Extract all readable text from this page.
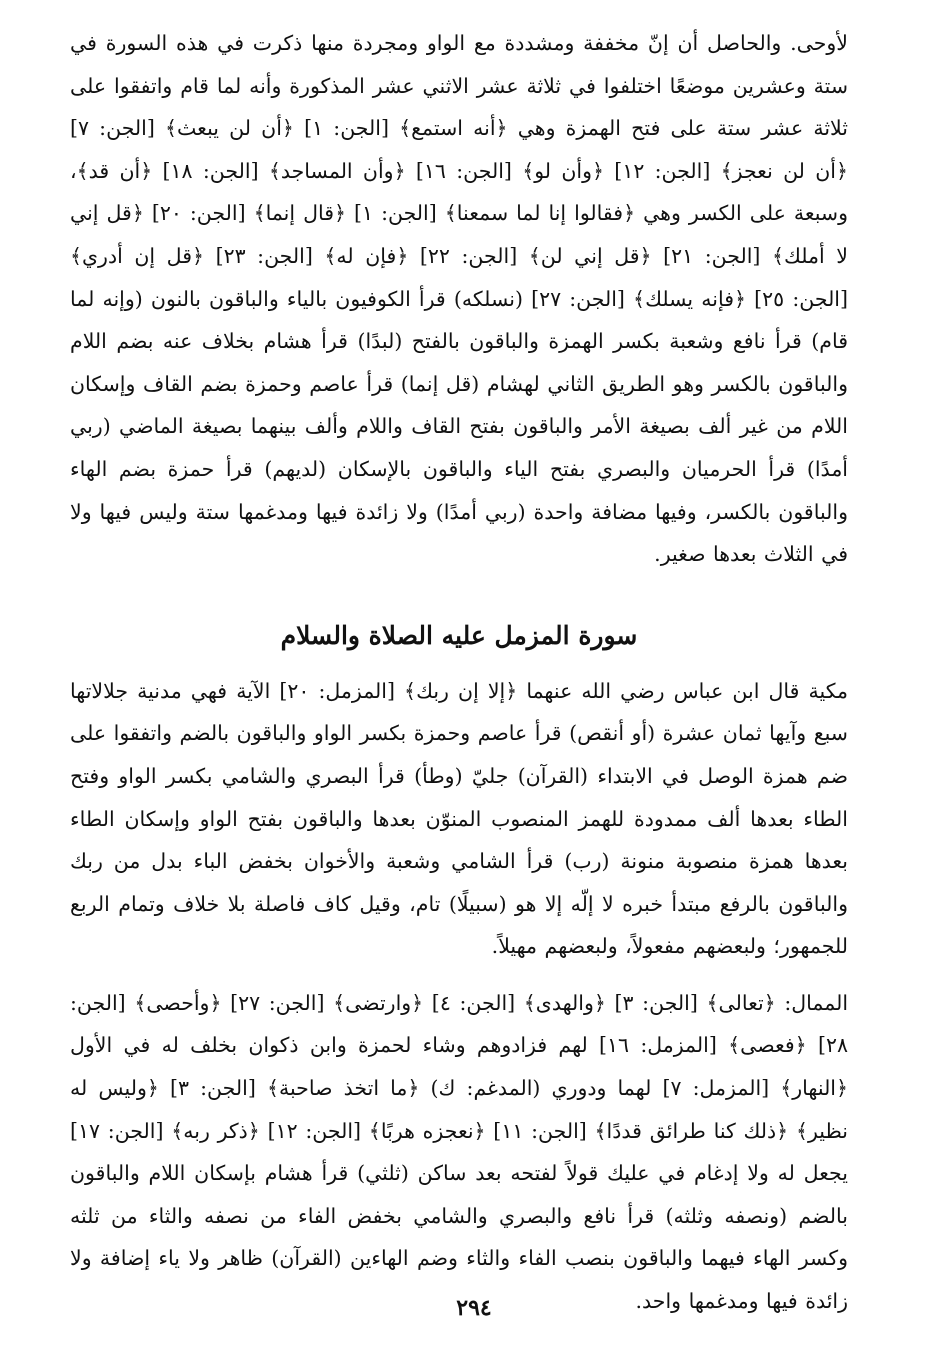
لأوحى. والحاصل أن إنّ مخففة ومشددة مع الواو ومجردة منها ذكرت في هذه السورة في ستة وعشرين موضعًا اختلفوا في ثلاثة عشر الاثني عشر المذكورة وأنه لما قام واتفقوا على ثلاثة عشر ستة على فتح الهمزة وهي ﴿أنه استمع﴾ [الجن: ١] ﴿أن لن يبعث﴾ [الجن: ٧] ﴿أن لن نعجز﴾ [الجن: ١٢] ﴿وأن لو﴾ [الجن: ١٦] ﴿وأن المساجد﴾ [الجن: ١٨] ﴿أن قد﴾، وسبعة على الكسر وهي ﴿فقالوا إنا لما سمعنا﴾ [الجن: ١] ﴿قال إنما﴾ [الجن: ٢٠] ﴿قل إني لا أملك﴾ [الجن: ٢١] ﴿قل إني لن﴾ [الجن: ٢٢] ﴿فإن له﴾ [الجن: ٢٣] ﴿قل إن أدري﴾ [الجن: ٢٥] ﴿فإنه يسلك﴾ [الجن: ٢٧] (نسلكه) قرأ الكوفيون بالياء والباقون بالنون (وإنه لما قام) قرأ نافع وشعبة بكسر الهمزة والباقون بالفتح (لبدًا) قرأ هشام بخلاف عنه بضم اللام والباقون بالكسر وهو الطريق الثاني لهشام (قل إنما) قرأ عاصم وحمزة بضم القاف وإسكان اللام من غير ألف بصيغة الأمر والباقون بفتح القاف واللام وألف بينهما بصيغة الماضي (ربي أمدًا) قرأ الحرميان والبصري بفتح الياء والباقون بالإسكان (لديهم) قرأ حمزة بضم الهاء والباقون بالكسر، وفيها مضافة واحدة (ربي أمدًا) ولا زائدة فيها ومدغمها ستة وليس فيها ولا في الثلاث بعدها صغير.

سورة المزمل عليه الصلاة والسلام

مكية قال ابن عباس رضي الله عنهما ﴿إلا إن ربك﴾ [المزمل: ٢٠] الآية فهي مدنية جلالاتها سبع وآيها ثمان عشرة (أو أنقص) قرأ عاصم وحمزة بكسر الواو والباقون بالضم واتفقوا على ضم همزة الوصل في الابتداء (القرآن) جليّ (وطأ) قرأ البصري والشامي بكسر الواو وفتح الطاء بعدها ألف ممدودة للهمز المنصوب المنوّن بعدها والباقون بفتح الواو وإسكان الطاء بعدها همزة منصوبة منونة (رب) قرأ الشامي وشعبة والأخوان بخفض الباء بدل من ربك والباقون بالرفع مبتدأ خبره لا إلّه إلا هو (سبيلًا) تام، وقيل كاف فاصلة بلا خلاف وتمام الربع للجمهور؛ ولبعضهم مفعولاً، ولبعضهم مهيلاً.

الممال: ﴿تعالى﴾ [الجن: ٣] ﴿والهدى﴾ [الجن: ٤] ﴿وارتضى﴾ [الجن: ٢٧] ﴿وأحصى﴾ [الجن: ٢٨] ﴿فعصى﴾ [المزمل: ١٦] لهم فزادوهم وشاء لحمزة وابن ذكوان بخلف له في الأول ﴿النهار﴾ [المزمل: ٧] لهما ودوري (المدغم: ك) ﴿ما اتخذ صاحبة﴾ [الجن: ٣] ﴿وليس له نظير﴾ ﴿ذلك كنا طرائق قددًا﴾ [الجن: ١١] ﴿نعجزه هربًا﴾ [الجن: ١٢] ﴿ذكر ربه﴾ [الجن: ١٧] يجعل له ولا إدغام في عليك قولاً لفتحه بعد ساكن (ثلثي) قرأ هشام بإسكان اللام والباقون بالضم (ونصفه وثلثه) قرأ نافع والبصري والشامي بخفض الفاء من نصفه والثاء من ثلثه وكسر الهاء فيهما والباقون بنصب الفاء والثاء وضم الهاءين (القرآن) ظاهر ولا ياء إضافة ولا زائدة فيها ومدغمها واحد.

٢٩٤
